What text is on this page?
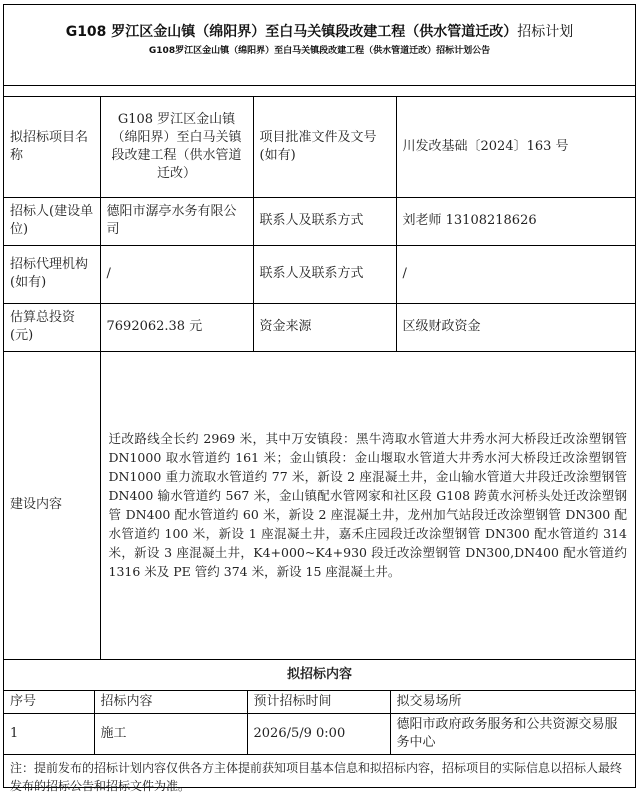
G108 罗江区金山镇（绵阳界）至白马关镇段改建工程（供水管道迁改）招标计划

G108罗江区金山镇（绵阳界）至白马关镇段改建工程（供水管道迁改）招标计划公告

拟招标项目名称	G108 罗江区金山镇（绵阳界）至白马关镇段改建工程（供水管道迁改）	项目批准文件及文号(如有)	川发改基础〔2024〕163 号
招标人(建设单位)	德阳市潺亭水务有限公司	联系人及联系方式	刘老师 13108218626
招标代理机构(如有)	/	联系人及联系方式	/
估算总投资(元)	7692062.38 元	资金来源	区级财政资金
建设内容	迁改路线全长约 2969 米，其中万安镇段：黑牛湾取水管道大井秀水河大桥段迁改涂塑钢管 DN1000 取水管道约 161 米；金山镇段：金山堰取水管道大井秀水河大桥段迁改涂塑钢管 DN1000 重力流取水管道约 77 米，新设 2 座混凝土井，金山输水管道大井段迁改涂塑钢管 DN400 输水管道约 567 米，金山镇配水管网家和社区段 G108 跨黄水河桥头处迁改涂塑钢管 DN400 配水管道约 60 米，新设 2 座混凝土井，龙州加气站段迁改涂塑钢管 DN300 配水管道约 100 米，新设 1 座混凝土井，嘉禾庄园段迁改涂塑钢管 DN300 配水管道约 314 米，新设 3 座混凝土井，K4+000~K4+930 段迁改涂塑钢管 DN300,DN400 配水管道约 1316 米及 PE 管约 374 米，新设 15 座混凝土井。		
拟招标内容			
序号	招标内容	预计招标时间	拟交易场所
1	施工	2026/5/9 0:00	德阳市政府政务服务和公共资源交易服务中心
注：提前发布的招标计划内容仅供各方主体提前获知项目基本信息和拟招标内容，招标项目的实际信息以招标人最终发布的招标公告和招标文件为准。			
